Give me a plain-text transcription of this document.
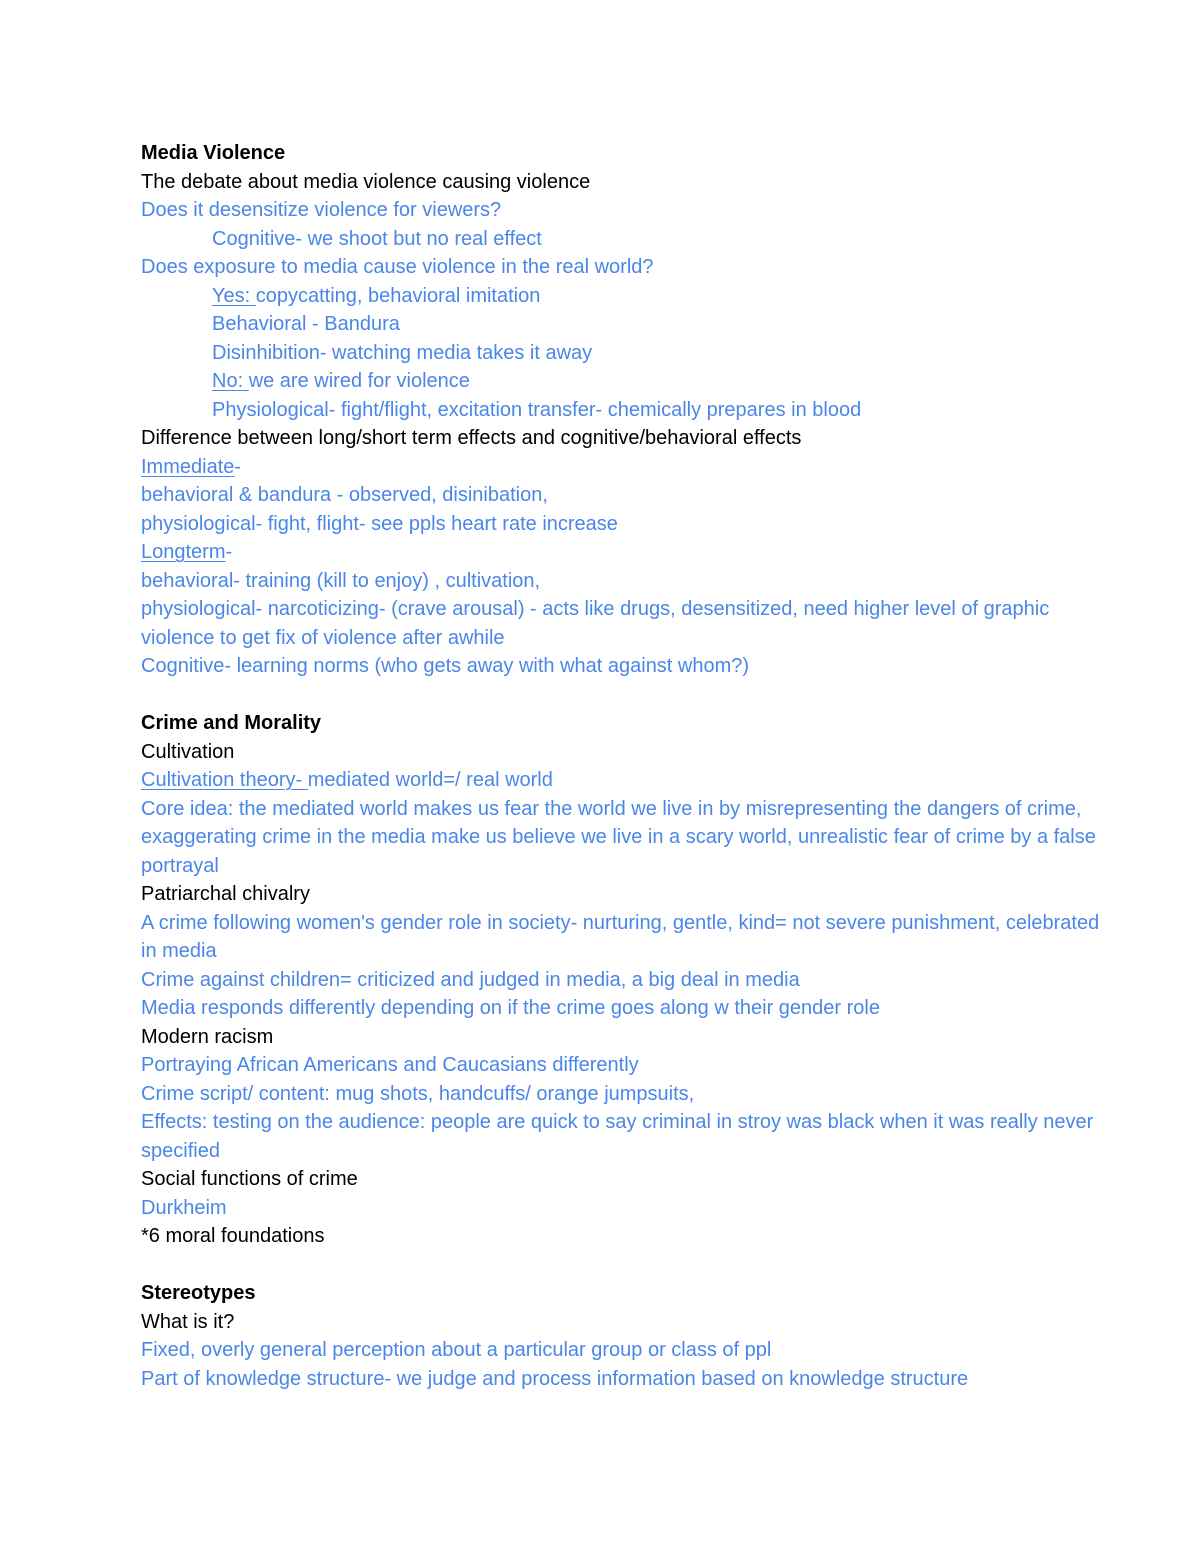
Media Violence
The debate about media violence causing violence
Does it desensitize violence for viewers?
Cognitive- we shoot but no real effect
Does exposure to media cause violence in the real world?
Yes: copycatting, behavioral imitation
Behavioral - Bandura
Disinhibition- watching media takes it away
No: we are wired for violence
Physiological- fight/flight, excitation transfer- chemically prepares in blood
Difference between long/short term effects and cognitive/behavioral effects
Immediate-
behavioral & bandura - observed, disinibation,
physiological- fight, flight- see ppls heart rate increase
Longterm-
behavioral- training (kill to enjoy) , cultivation,
physiological- narcoticizing- (crave arousal) - acts like drugs, desensitized, need higher level of graphic violence to get fix of violence after awhile
Cognitive- learning norms (who gets away with what against whom?)
Crime and Morality
Cultivation
Cultivation theory- mediated world=/ real world
Core idea: the mediated world makes us fear the world we live in by misrepresenting the dangers of crime, exaggerating crime in the media make us believe we live in a scary world, unrealistic fear of crime by a false portrayal
Patriarchal chivalry
A crime following women's gender role in society- nurturing, gentle, kind= not severe punishment, celebrated in media
Crime against children= criticized and judged in media, a big deal in media
Media responds differently depending on if the crime goes along w their gender role
Modern racism
Portraying African Americans and Caucasians differently
Crime script/ content: mug shots, handcuffs/ orange jumpsuits,
Effects: testing on the audience: people are quick to say criminal in stroy was black when it was really never specified
Social functions of crime
Durkheim
*6 moral foundations
Stereotypes
What is it?
Fixed, overly general perception about a particular group or class of ppl
Part of knowledge structure- we judge and process information based on knowledge structure
